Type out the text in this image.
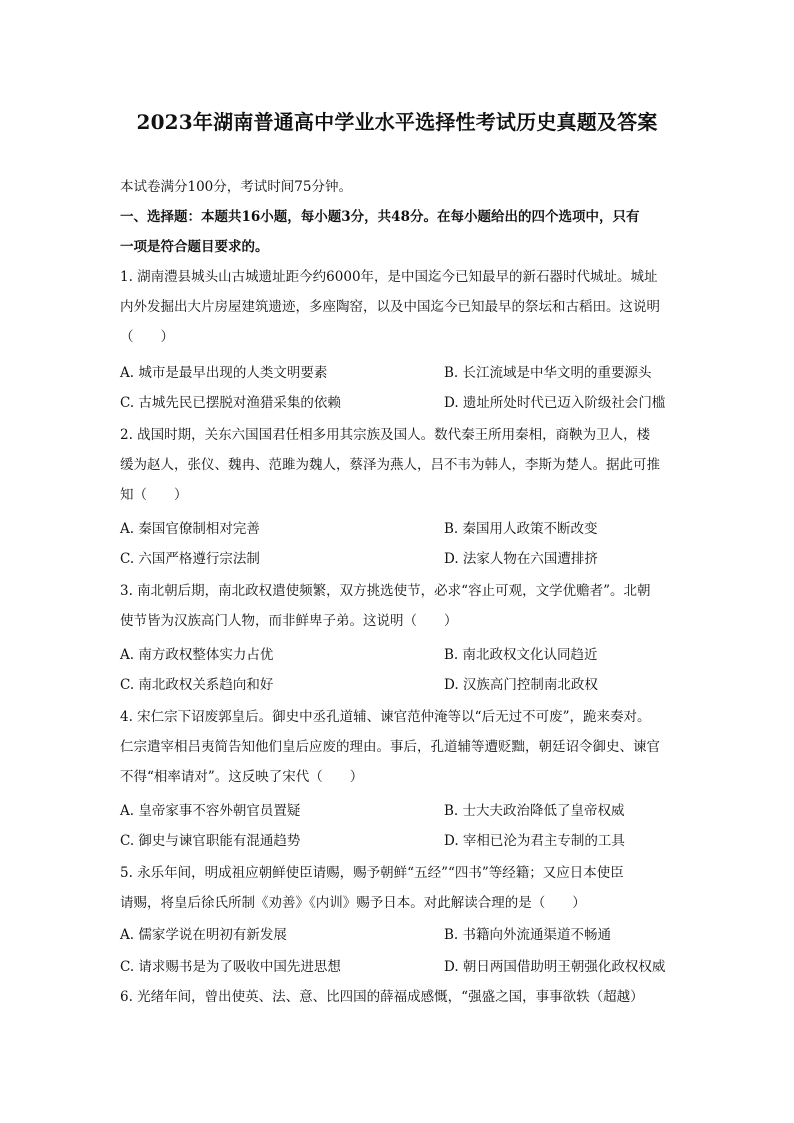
2023年湖南普通高中学业水平选择性考试历史真题及答案
本试卷满分100分，考试时间75分钟。
一、选择题：本题共16小题，每小题3分，共48分。在每小题给出的四个选项中，只有
一项是符合题目要求的。
1. 湖南澧县城头山古城遗址距今约6000年，是中国迄今已知最早的新石器时代城址。城址
内外发掘出大片房屋建筑遗迹，多座陶窑，以及中国迄今已知最早的祭坛和古稻田。这说明
（　　）
A. 城市是最早出现的人类文明要素	B. 长江流域是中华文明的重要源头
C. 古城先民已摆脱对渔猎采集的依赖	D. 遗址所处时代已迈入阶级社会门槛
2. 战国时期，关东六国国君任相多用其宗族及国人。数代秦王所用秦相，商鞅为卫人，楼
缓为赵人，张仪、魏冉、范雎为魏人，蔡泽为燕人，吕不韦为韩人，李斯为楚人。据此可推
知（　　）
A. 秦国官僚制相对完善	B. 秦国用人政策不断改变
C. 六国严格遵行宗法制	D. 法家人物在六国遭排挤
3. 南北朝后期，南北政权遣使频繁，双方挑选使节，必求“容止可观，文学优赡者”。北朝
使节皆为汉族高门人物，而非鲜卑子弟。这说明（　　）
A. 南方政权整体实力占优	B. 南北政权文化认同趋近
C. 南北政权关系趋向和好	D. 汉族高门控制南北政权
4. 宋仁宗下诏废郭皇后。御史中丞孔道辅、谏官范仲淹等以“后无过不可废”，跪来奏对。
仁宗遣宰相吕夷简告知他们皇后应废的理由。事后，孔道辅等遭贬黜，朝廷诏令御史、谏官
不得“相率请对”。这反映了宋代（　　）
A. 皇帝家事不容外朝官员置疑	B. 士大夫政治降低了皇帝权威
C. 御史与谏官职能有混通趋势	D. 宰相已沦为君主专制的工具
5. 永乐年间，明成祖应朝鲜使臣请赐，赐予朝鲜“五经”“四书”等经籍；又应日本使臣
请赐，将皇后徐氏所制《劝善》《内训》赐予日本。对此解读合理的是（　　）
A. 儒家学说在明初有新发展	B. 书籍向外流通渠道不畅通
C. 请求赐书是为了吸收中国先进思想	D. 朝日两国借助明王朝强化政权权威
6. 光绪年间，曾出使英、法、意、比四国的薛福成感慨，“强盛之国，事事欲轶（超越）
